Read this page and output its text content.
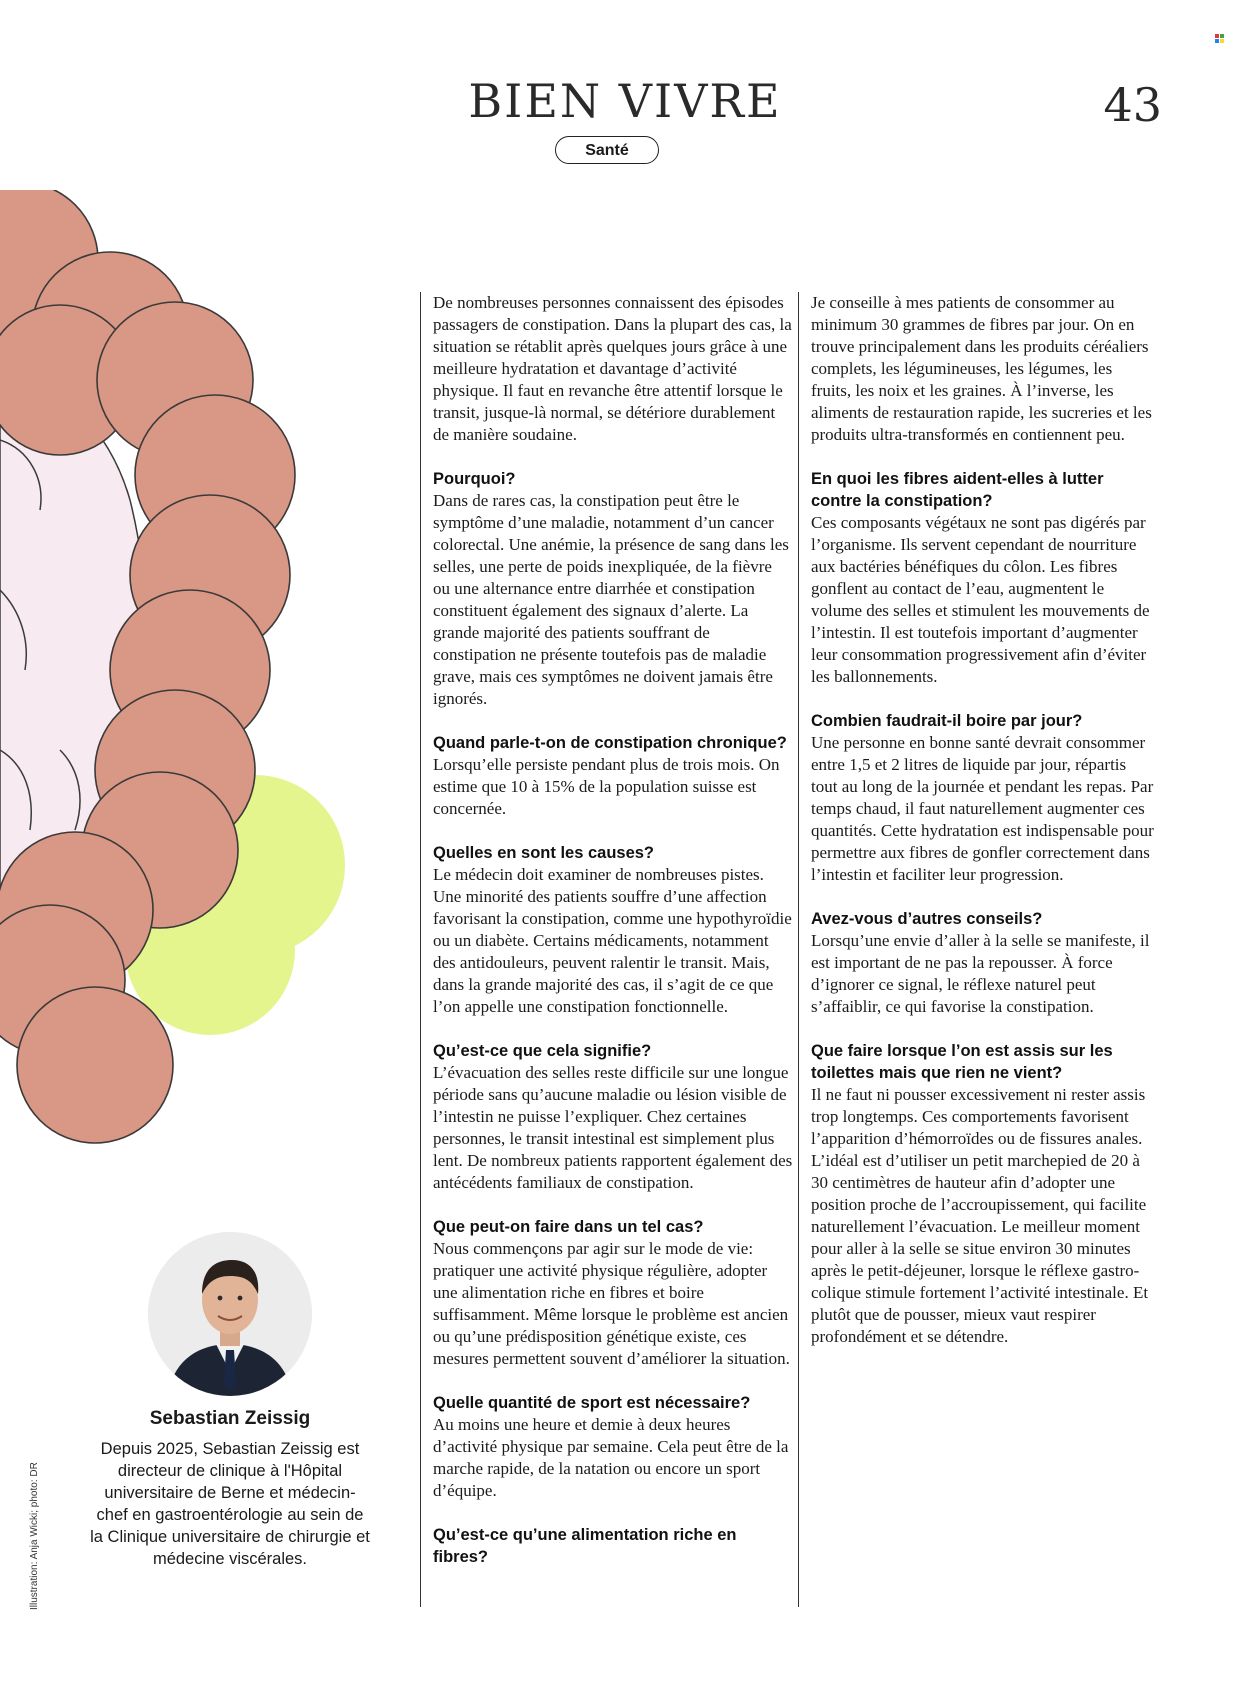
BIEN VIVRE	43
Santé

De nombreuses personnes connaissent des épisodes passagers de constipation. Dans la plupart des cas, la situation se rétablit après quelques jours grâce à une meilleure hydratation et davantage d’activité physique. Il faut en revanche être attentif lorsque le transit, jusque-là normal, se détériore durablement de manière soudaine.

Pourquoi?

Dans de rares cas, la constipation peut être le symptôme d’une maladie, notamment d’un cancer colorectal. Une anémie, la présence de sang dans les selles, une perte de poids inexpliquée, de la fièvre ou une alternance entre diarrhée et constipation constituent également des signaux d’alerte. La grande majorité des patients souffrant de constipation ne présente toutefois pas de maladie grave, mais ces symptômes ne doivent jamais être ignorés.

Quand parle-t-on de constipation chronique?

Lorsqu’elle persiste pendant plus de trois mois. On estime que 10 à 15% de la population suisse est concernée.

Quelles en sont les causes?

Le médecin doit examiner de nombreuses pistes. Une minorité des patients souffre d’une affection favorisant la constipation, comme une hypothyroïdie ou un diabète. Certains médicaments, notamment des antidouleurs, peuvent ralentir le transit. Mais, dans la grande majorité des cas, il s’agit de ce que l’on appelle une constipation fonctionnelle.

Qu’est-ce que cela signifie?

L’évacuation des selles reste difficile sur une longue période sans qu’aucune maladie ou lésion visible de l’intestin ne puisse l’expliquer. Chez certaines personnes, le transit intestinal est simplement plus lent. De nombreux patients rapportent également des antécédents familiaux de constipation.

Que peut-on faire dans un tel cas?

Nous commençons par agir sur le mode de vie: pratiquer une activité physique régulière, adopter une alimentation riche en fibres et boire suffisamment. Même lorsque le problème est ancien ou qu’une prédisposition génétique existe, ces mesures permettent souvent d’améliorer la situation.

Quelle quantité de sport est nécessaire?

Au moins une heure et demie à deux heures d’activité physique par semaine. Cela peut être de la marche rapide, de la natation ou encore un sport d’équipe.

Qu’est-ce qu’une alimentation riche en fibres?

Je conseille à mes patients de consommer au minimum 30 grammes de fibres par jour. On en trouve principalement dans les produits céréaliers complets, les légumineuses, les légumes, les fruits, les noix et les graines. À l’inverse, les aliments de restauration rapide, les sucreries et les produits ultra-transformés en contiennent peu.

En quoi les fibres aident-elles à lutter contre la constipation?

Ces composants végétaux ne sont pas digérés par l’organisme. Ils servent cependant de nourriture aux bactéries bénéfiques du côlon. Les fibres gonflent au contact de l’eau, augmentent le volume des selles et stimulent les mouvements de l’intestin. Il est toutefois important d’augmenter leur consommation progressivement afin d’éviter les ballonnements.

Combien faudrait-il boire par jour?

Une personne en bonne santé devrait consommer entre 1,5 et 2 litres de liquide par jour, répartis tout au long de la journée et pendant les repas. Par temps chaud, il faut naturellement augmenter ces quantités. Cette hydratation est indispensable pour permettre aux fibres de gonfler correctement dans l’intestin et faciliter leur progression.

Avez-vous d’autres conseils?

Lorsqu’une envie d’aller à la selle se manifeste, il est important de ne pas la repousser. À force d’ignorer ce signal, le réflexe naturel peut s’affaiblir, ce qui favorise la constipation.

Que faire lorsque l’on est assis sur les toilettes mais que rien ne vient?

Il ne faut ni pousser excessivement ni rester assis trop longtemps. Ces comportements favorisent l’apparition d’hémorroïdes ou de fissures anales. L’idéal est d’utiliser un petit marchepied de 20 à 30 centimètres de hauteur afin d’adopter une position proche de l’accroupissement, qui facilite naturellement l’évacuation. Le meilleur moment pour aller à la selle se situe environ 30 minutes après le petit-déjeuner, lorsque le réflexe gastro-colique stimule fortement l’activité intestinale. Et plutôt que de pousser, mieux vaut respirer profondément et se détendre.

Sebastian Zeissig
Depuis 2025, Sebastian Zeissig est directeur de clinique à l'Hôpital universitaire de Berne et médecin-chef en gastroentérologie au sein de la Clinique universitaire de chirurgie et médecine viscérales.
Illustration: Anja Wicki; photo: DR
